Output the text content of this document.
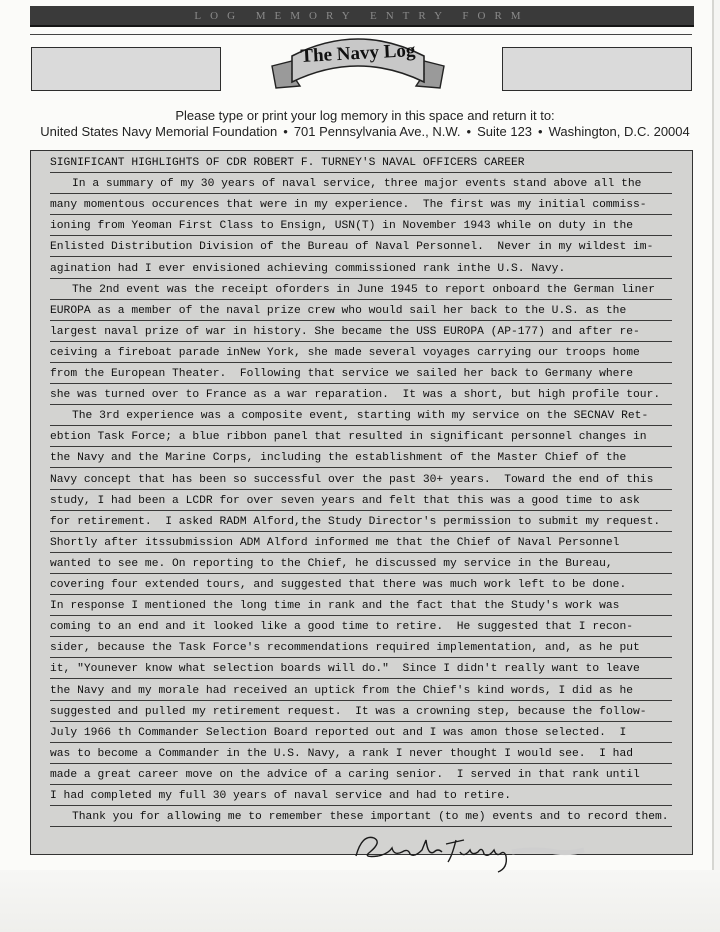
LOG MEMORY ENTRY FORM
The Navy Log
Please type or print your log memory in this space and return it to:
United States Navy Memorial Foundation • 701 Pennsylvania Ave., N.W. • Suite 123 • Washington, D.C. 20004
SIGNIFICANT HIGHLIGHTS OF CDR ROBERT F. TURNEY'S NAVAL OFFICERS CAREER
In a summary of my 30 years of naval service, three major events stand above all the
many momentous occurences that were in my experience.  The first was my initial commiss-
ioning from Yeoman First Class to Ensign, USN(T) in November 1943 while on duty in the
Enlisted Distribution Division of the Bureau of Naval Personnel.  Never in my wildest im-
agination had I ever envisioned achieving commissioned rank inthe U.S. Navy.
The 2nd event was the receipt oforders in June 1945 to report onboard the German liner
EUROPA as a member of the naval prize crew who would sail her back to the U.S. as the
largest naval prize of war in history. She became the USS EUROPA (AP-177) and after re-
ceiving a fireboat parade inNew York, she made several voyages carrying our troops home
from the European Theater.  Following that service we sailed her back to Germany where
she was turned over to France as a war reparation.  It was a short, but high profile tour.
The 3rd experience was a composite event, starting with my service on the SECNAV Ret-
ebtion Task Force; a blue ribbon panel that resulted in significant personnel changes in
the Navy and the Marine Corps, including the establishment of the Master Chief of the
Navy concept that has been so successful over the past 30+ years.  Toward the end of this
study, I had been a LCDR for over seven years and felt that this was a good time to ask
for retirement.  I asked RADM Alford,the Study Director's permission to submit my request.
Shortly after itssubmission ADM Alford informed me that the Chief of Naval Personnel
wanted to see me. On reporting to the Chief, he discussed my service in the Bureau,
covering four extended tours, and suggested that there was much work left to be done.
In response I mentioned the long time in rank and the fact that the Study's work was
coming to an end and it looked like a good time to retire.  He suggested that I recon-
sider, because the Task Force's recommendations required implementation, and, as he put
it, "Younever know what selection boards will do."  Since I didn't really want to leave
the Navy and my morale had received an uptick from the Chief's kind words, I did as he
suggested and pulled my retirement request.  It was a crowning step, because the follow-
July 1966 th Commander Selection Board reported out and I was amon those selected.  I
was to become a Commander in the U.S. Navy, a rank I never thought I would see.  I had
made a great career move on the advice of a caring senior.  I served in that rank until
I had completed my full 30 years of naval service and had to retire.
Thank you for allowing me to remember these important (to me) events and to record them.
